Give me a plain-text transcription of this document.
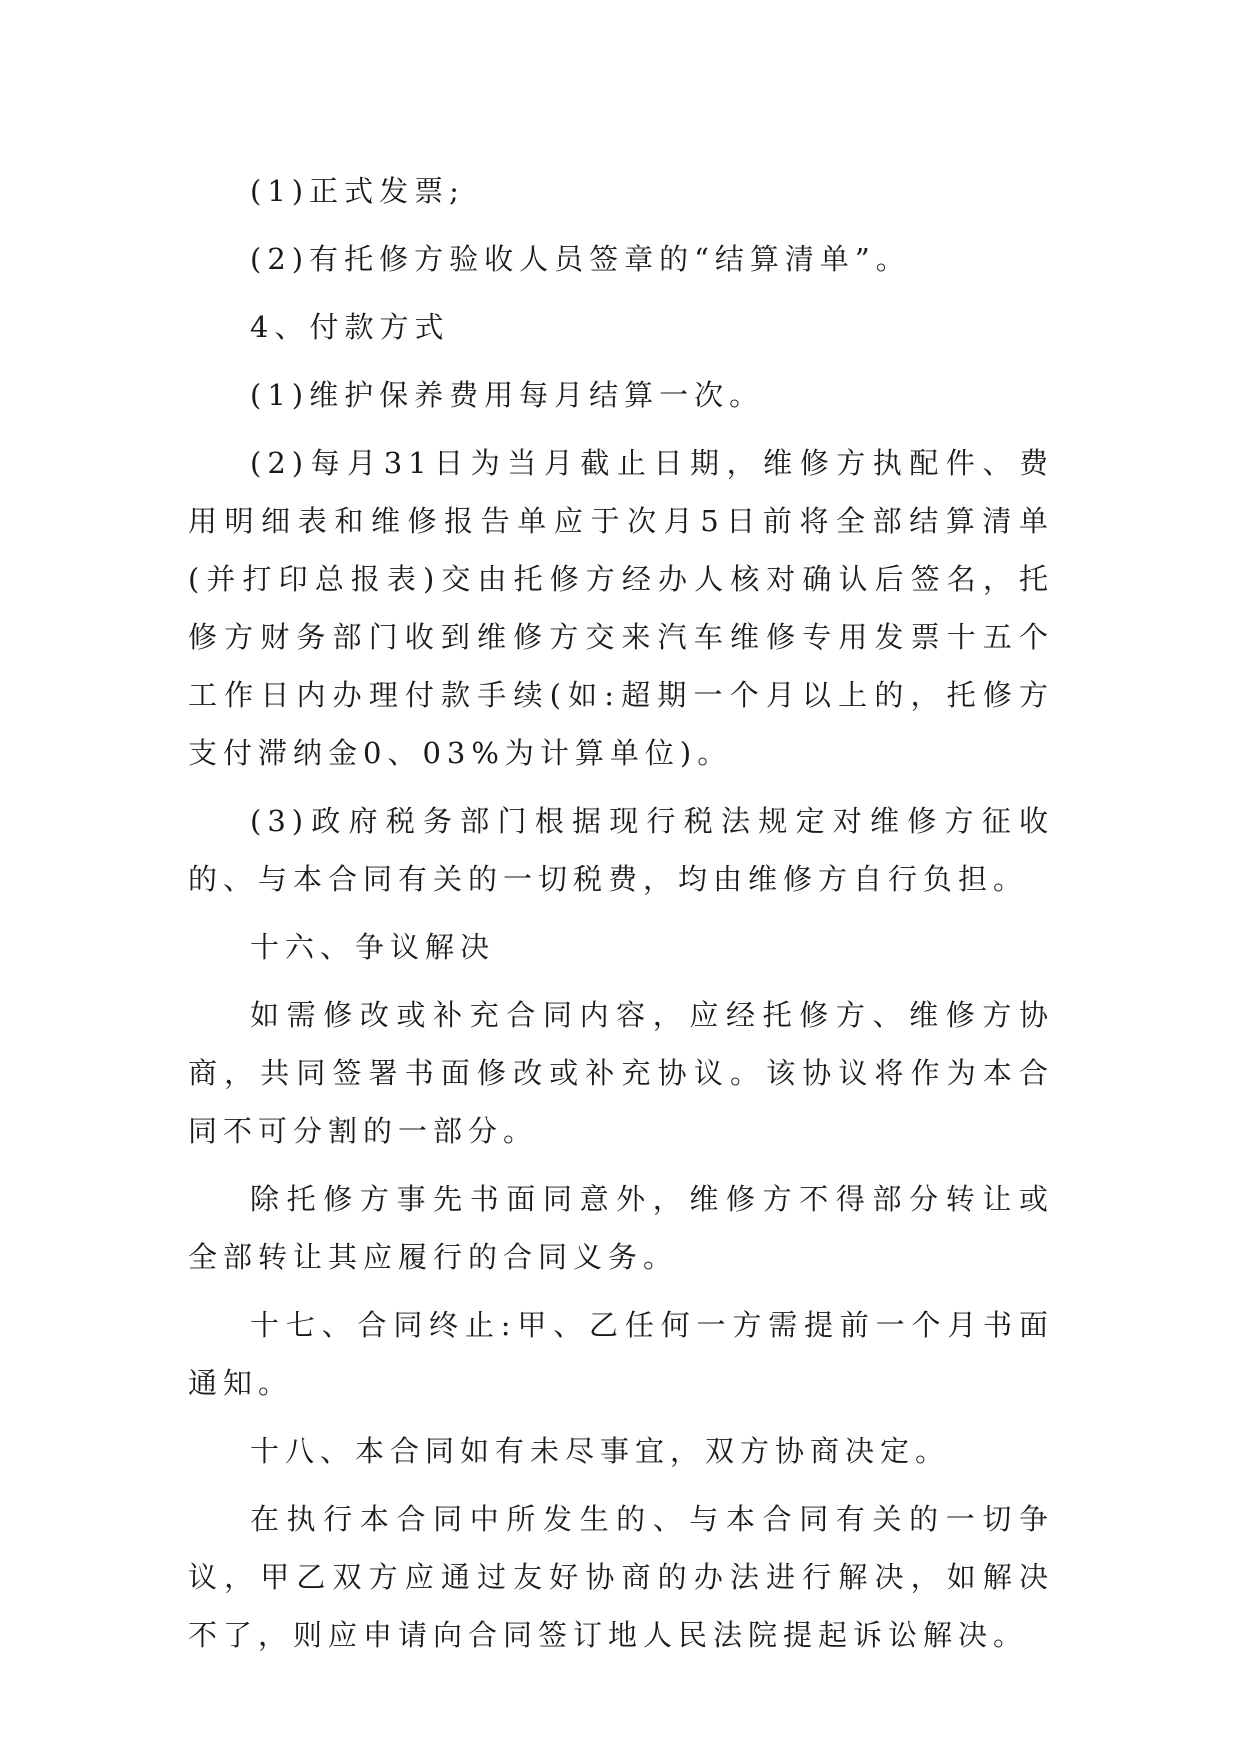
(1)正式发票;

(2)有托修方验收人员签章的“结算清单”。

4、付款方式

(1)维护保养费用每月结算一次。

(2)每月31日为当月截止日期，维修方执配件、费用明细表和维修报告单应于次月5日前将全部结算清单(并打印总报表)交由托修方经办人核对确认后签名，托修方财务部门收到维修方交来汽车维修专用发票十五个工作日内办理付款手续(如:超期一个月以上的，托修方支付滞纳金0、03%为计算单位)。

(3)政府税务部门根据现行税法规定对维修方征收的、与本合同有关的一切税费，均由维修方自行负担。

十六、争议解决

如需修改或补充合同内容，应经托修方、维修方协商，共同签署书面修改或补充协议。该协议将作为本合同不可分割的一部分。

除托修方事先书面同意外，维修方不得部分转让或全部转让其应履行的合同义务。

十七、合同终止:甲、乙任何一方需提前一个月书面通知。

十八、本合同如有未尽事宜，双方协商决定。

在执行本合同中所发生的、与本合同有关的一切争议，甲乙双方应通过友好协商的办法进行解决，如解决不了，则应申请向合同签订地人民法院提起诉讼解决。
